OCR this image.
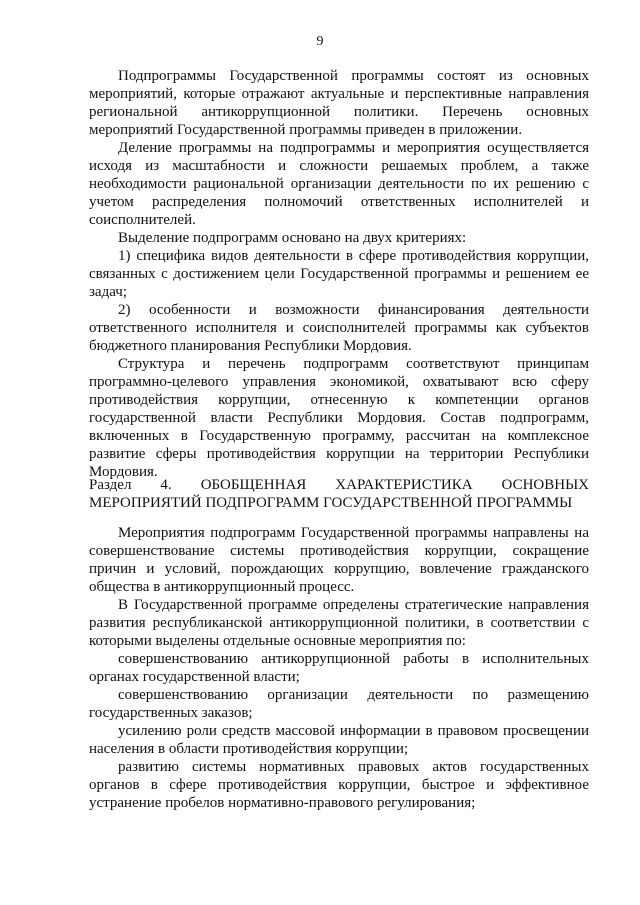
9

Подпрограммы Государственной программы состоят из основных мероприятий, которые отражают актуальные и перспективные направления региональной антикоррупционной политики. Перечень основных мероприятий Государственной программы приведен в приложении.

Деление программы на подпрограммы и мероприятия осуществляется исходя из масштабности и сложности решаемых проблем, а также необходимости рациональной организации деятельности по их решению с учетом распределения полномочий ответственных исполнителей и соисполнителей.

Выделение подпрограмм основано на двух критериях:

1) специфика видов деятельности в сфере противодействия коррупции, связанных с достижением цели Государственной программы и решением ее задач;

2) особенности и возможности финансирования деятельности ответственного исполнителя и соисполнителей программы как субъектов бюджетного планирования Республики Мордовия.

Структура и перечень подпрограмм соответствуют принципам программно-целевого управления экономикой, охватывают всю сферу противодействия коррупции, отнесенную к компетенции органов государственной власти Республики Мордовия. Состав подпрограмм, включенных в Государственную программу, рассчитан на комплексное развитие сферы противодействия коррупции на территории Республики Мордовия.

Раздел 4. ОБОБЩЕННАЯ ХАРАКТЕРИСТИКА ОСНОВНЫХ
МЕРОПРИЯТИЙ ПОДПРОГРАММ ГОСУДАРСТВЕННОЙ ПРОГРАММЫ

Мероприятия подпрограмм Государственной программы направлены на совершенствование системы противодействия коррупции, сокращение причин и условий, порождающих коррупцию, вовлечение гражданского общества в антикоррупционный процесс.

В Государственной программе определены стратегические направления развития республиканской антикоррупционной политики, в соответствии с которыми выделены отдельные основные мероприятия по:

совершенствованию антикоррупционной работы в исполнительных органах государственной власти;

совершенствованию организации деятельности по размещению государственных заказов;

усилению роли средств массовой информации в правовом просвещении населения в области противодействия коррупции;

развитию системы нормативных правовых актов государственных органов в сфере противодействия коррупции, быстрое и эффективное устранение пробелов нормативно-правового регулирования;
